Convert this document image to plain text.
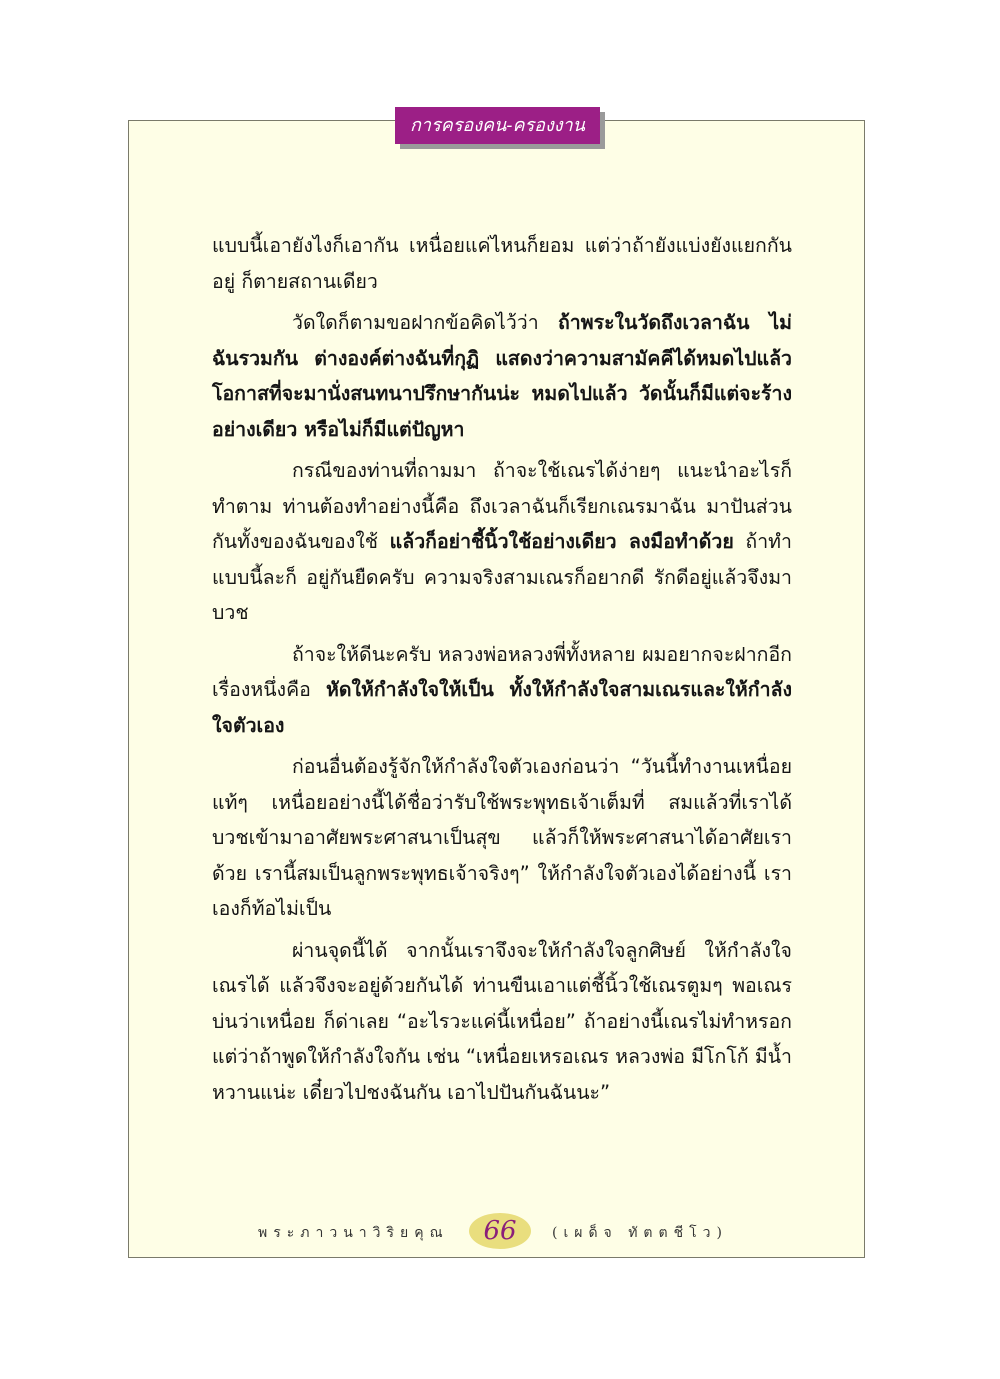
การครองคน-ครองงาน

แบบนี้เอายังไงก็เอากัน เหนื่อยแค่ไหนก็ยอม แต่ว่าถ้ายังแบ่งยังแยกกันอยู่ ก็ตายสถานเดียว

วัดใดก็ตามขอฝากข้อคิดไว้ว่า ถ้าพระในวัดถึงเวลาฉัน ไม่ฉันรวมกัน ต่างองค์ต่างฉันที่กุฏิ แสดงว่าความสามัคคีได้หมดไปแล้ว โอกาสที่จะมานั่งสนทนาปรึกษากันน่ะ หมดไปแล้ว วัดนั้นก็มีแต่จะร้างอย่างเดียว หรือไม่ก็มีแต่ปัญหา

กรณีของท่านที่ถามมา ถ้าจะใช้เณรได้ง่ายๆ แนะนำอะไรก็ทำตาม ท่านต้องทำอย่างนี้คือ ถึงเวลาฉันก็เรียกเณรมาฉัน มาปันส่วนกันทั้งของฉันของใช้ แล้วก็อย่าชี้นิ้วใช้อย่างเดียว ลงมือทำด้วย ถ้าทำแบบนี้ละก็ อยู่กันยืดครับ ความจริงสามเณรก็อยากดี รักดีอยู่แล้วจึงมาบวช

ถ้าจะให้ดีนะครับ หลวงพ่อหลวงพี่ทั้งหลาย ผมอยากจะฝากอีกเรื่องหนึ่งคือ หัดให้กำลังใจให้เป็น ทั้งให้กำลังใจสามเณรและให้กำลังใจตัวเอง

ก่อนอื่นต้องรู้จักให้กำลังใจตัวเองก่อนว่า “วันนี้ทำงานเหนื่อยแท้ๆ เหนื่อยอย่างนี้ได้ชื่อว่ารับใช้พระพุทธเจ้าเต็มที่ สมแล้วที่เราได้บวชเข้ามาอาศัยพระศาสนาเป็นสุข แล้วก็ให้พระศาสนาได้อาศัยเราด้วย เรานี้สมเป็นลูกพระพุทธเจ้าจริงๆ” ให้กำลังใจตัวเองได้อย่างนี้ เราเองก็ท้อไม่เป็น

ผ่านจุดนี้ได้ จากนั้นเราจึงจะให้กำลังใจลูกศิษย์ ให้กำลังใจเณรได้ แล้วจึงจะอยู่ด้วยกันได้ ท่านขืนเอาแต่ชี้นิ้วใช้เณรตูมๆ พอเณรบ่นว่าเหนื่อย ก็ด่าเลย “อะไรวะแค่นี้เหนื่อย” ถ้าอย่างนี้เณรไม่ทำหรอก แต่ว่าถ้าพูดให้กำลังใจกัน เช่น “เหนื่อยเหรอเณร หลวงพ่อ มีโกโก้ มีน้ำหวานแน่ะ เดี๋ยวไปชงฉันกัน เอาไปปันกันฉันนะ”

พระภาวนาวิริยคุณ	66	(เผด็จ ทัตตชีโว)
